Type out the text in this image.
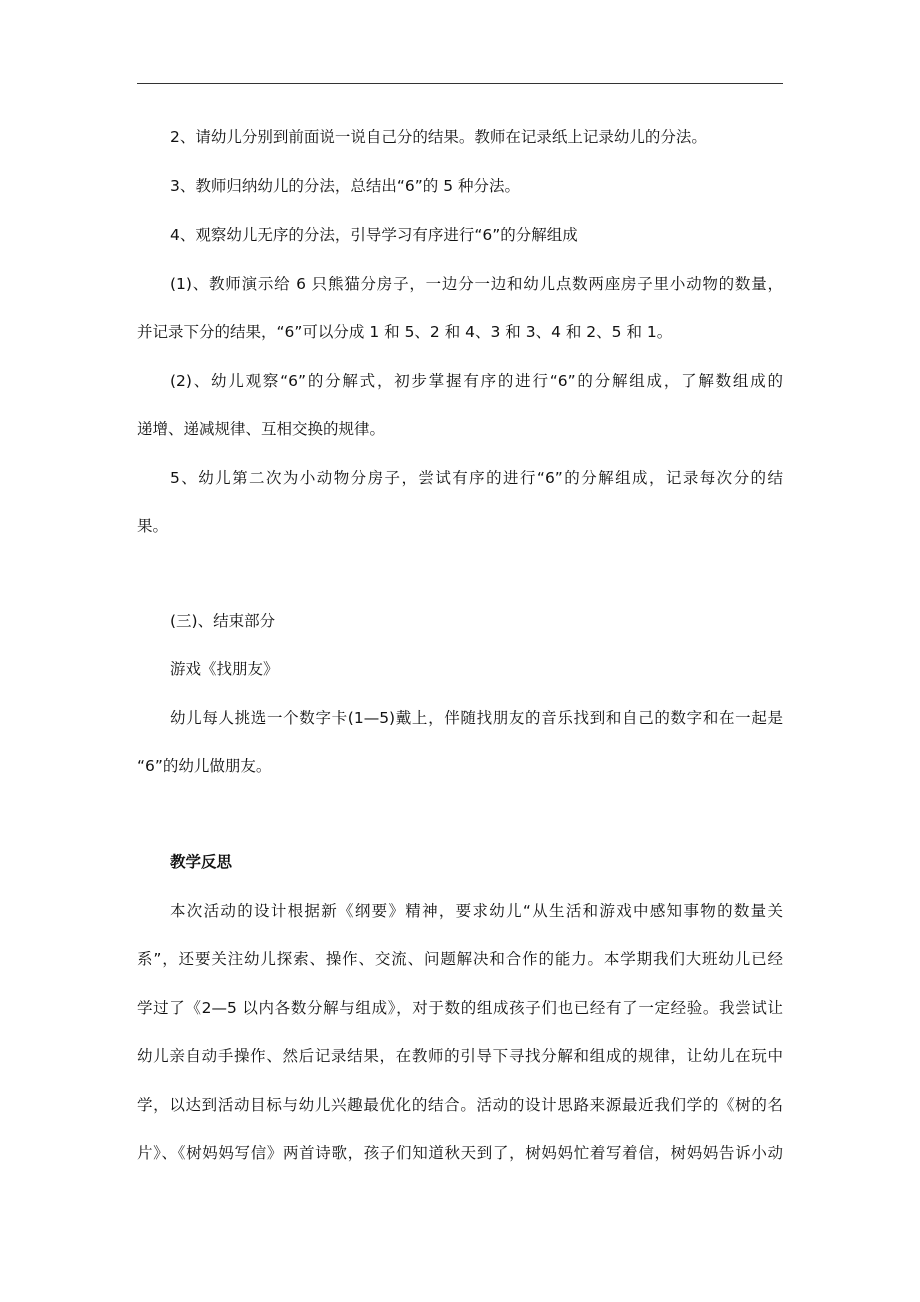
2、请幼儿分别到前面说一说自己分的结果。教师在记录纸上记录幼儿的分法。
3、教师归纳幼儿的分法，总结出“6”的 5 种分法。
4、观察幼儿无序的分法，引导学习有序进行“6”的分解组成
(1)、教师演示给 6 只熊猫分房子，一边分一边和幼儿点数两座房子里小动物的数量，
并记录下分的结果，“6”可以分成 1 和 5、2 和 4、3 和 3、4 和 2、5 和 1。
(2)、幼儿观察“6”的分解式，初步掌握有序的进行“6”的分解组成，了解数组成的
递增、递减规律、互相交换的规律。
5、幼儿第二次为小动物分房子，尝试有序的进行“6”的分解组成，记录每次分的结
果。
(三)、结束部分
游戏《找朋友》
幼儿每人挑选一个数字卡(1—5)戴上，伴随找朋友的音乐找到和自己的数字和在一起是
“6”的幼儿做朋友。
教学反思
本次活动的设计根据新《纲要》精神，要求幼儿“从生活和游戏中感知事物的数量关
系”，还要关注幼儿探索、操作、交流、问题解决和合作的能力。本学期我们大班幼儿已经
学过了《2—5 以内各数分解与组成》，对于数的组成孩子们也已经有了一定经验。我尝试让
幼儿亲自动手操作、然后记录结果，在教师的引导下寻找分解和组成的规律，让幼儿在玩中
学，以达到活动目标与幼儿兴趣最优化的结合。活动的设计思路来源最近我们学的《树的名
片》、《树妈妈写信》两首诗歌，孩子们知道秋天到了，树妈妈忙着写着信，树妈妈告诉小动
